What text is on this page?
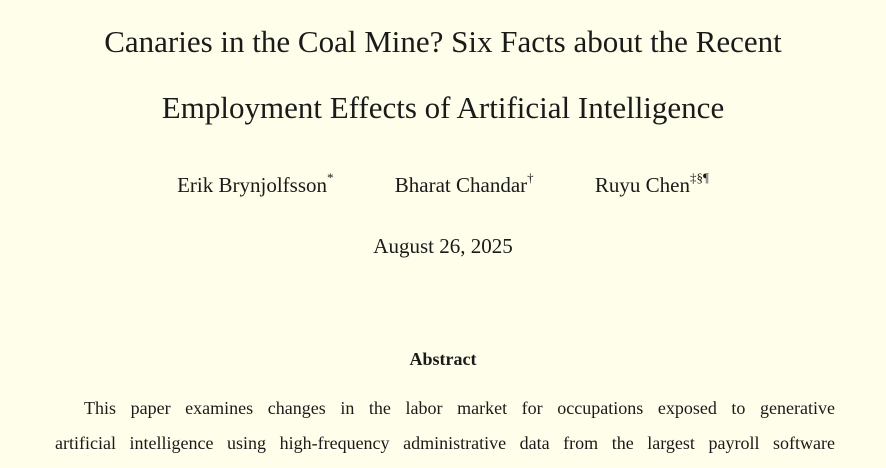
Canaries in the Coal Mine? Six Facts about the Recent
Employment Effects of Artificial Intelligence
Erik Brynjolfsson*	Bharat Chandar†	Ruyu Chen‡§¶
August 26, 2025
Abstract
This paper examines changes in the labor market for occupations exposed to generative
artificial intelligence using high-frequency administrative data from the largest payroll software
